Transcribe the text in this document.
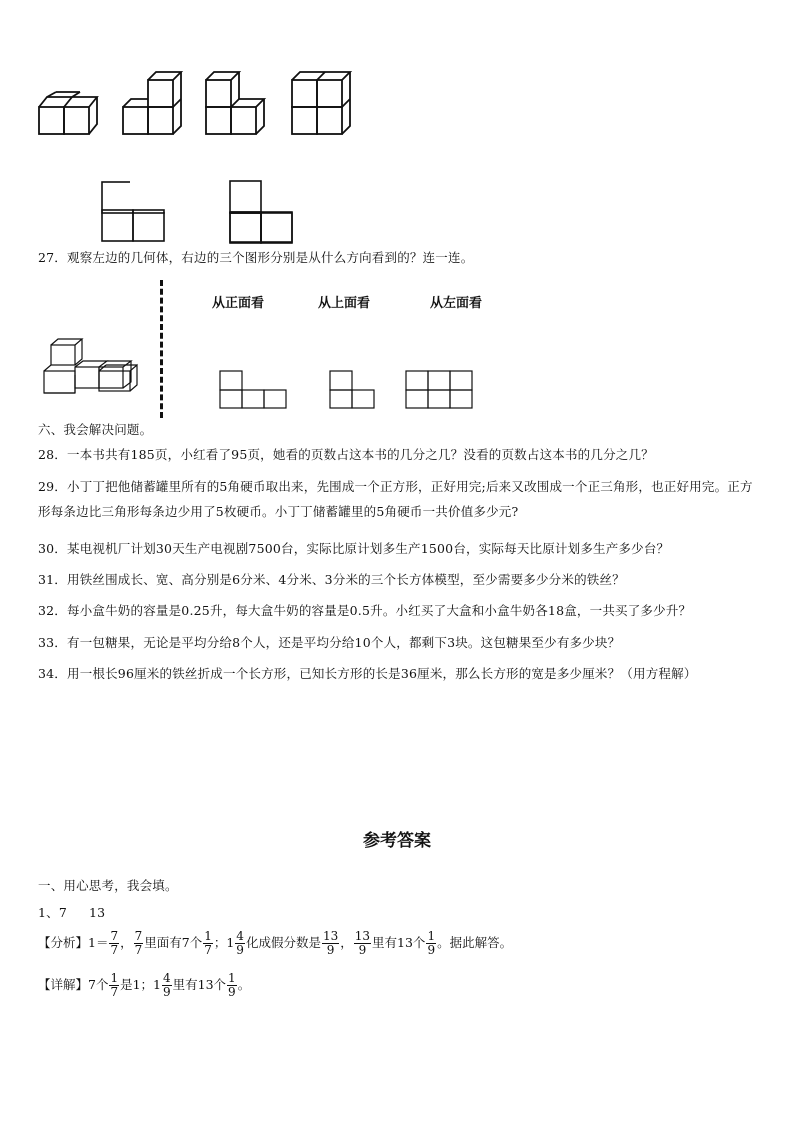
27．观察左边的几何体，右边的三个图形分别是从什么方向看到的？连一连。
从正面看	从上面看	从左面看
六、我会解决问题。
28．一本书共有185页，小红看了95页，她看的页数占这本书的几分之几？没看的页数占这本书的几分之几？
29．小丁丁把他储蓄罐里所有的5角硬币取出来，先围成一个正方形，正好用完;后来又改围成一个正三角形，也正好用完。正方形每条边比三角形每条边少用了5枚硬币。小丁丁储蓄罐里的5角硬币一共价值多少元?
30．某电视机厂计划30天生产电视剧7500台，实际比原计划多生产1500台，实际每天比原计划多生产多少台？
31．用铁丝围成长、宽、高分别是6分米、4分米、3分米的三个长方体模型，至少需要多少分米的铁丝？
32．每小盒牛奶的容量是0.25升，每大盒牛奶的容量是0.5升。小红买了大盒和小盒牛奶各18盒，一共买了多少升？
33．有一包糖果，无论是平均分给8个人，还是平均分给10个人，都剩下3块。这包糖果至少有多少块？
34．用一根长96厘米的铁丝折成一个长方形，已知长方形的长是36厘米，那么长方形的宽是多少厘米？（用方程解）
参考答案
一、用心思考，我会填。
1、7 13
【分析】$1= \frac{7}{7}$ ， $\frac{7}{7}$ 里面有7个 $\frac{1}{7}$ ；$1 \frac{4}{9}$ 化成假分数是 $\frac{13}{9}$ ， $\frac{13}{9}$ 里有13个 $\frac{1}{9}$ 。据此解答。
【详解】7个 $\frac{1}{7}$ 是1；$1 \frac{4}{9}$ 里有13个 $\frac{1}{9}$ 。
